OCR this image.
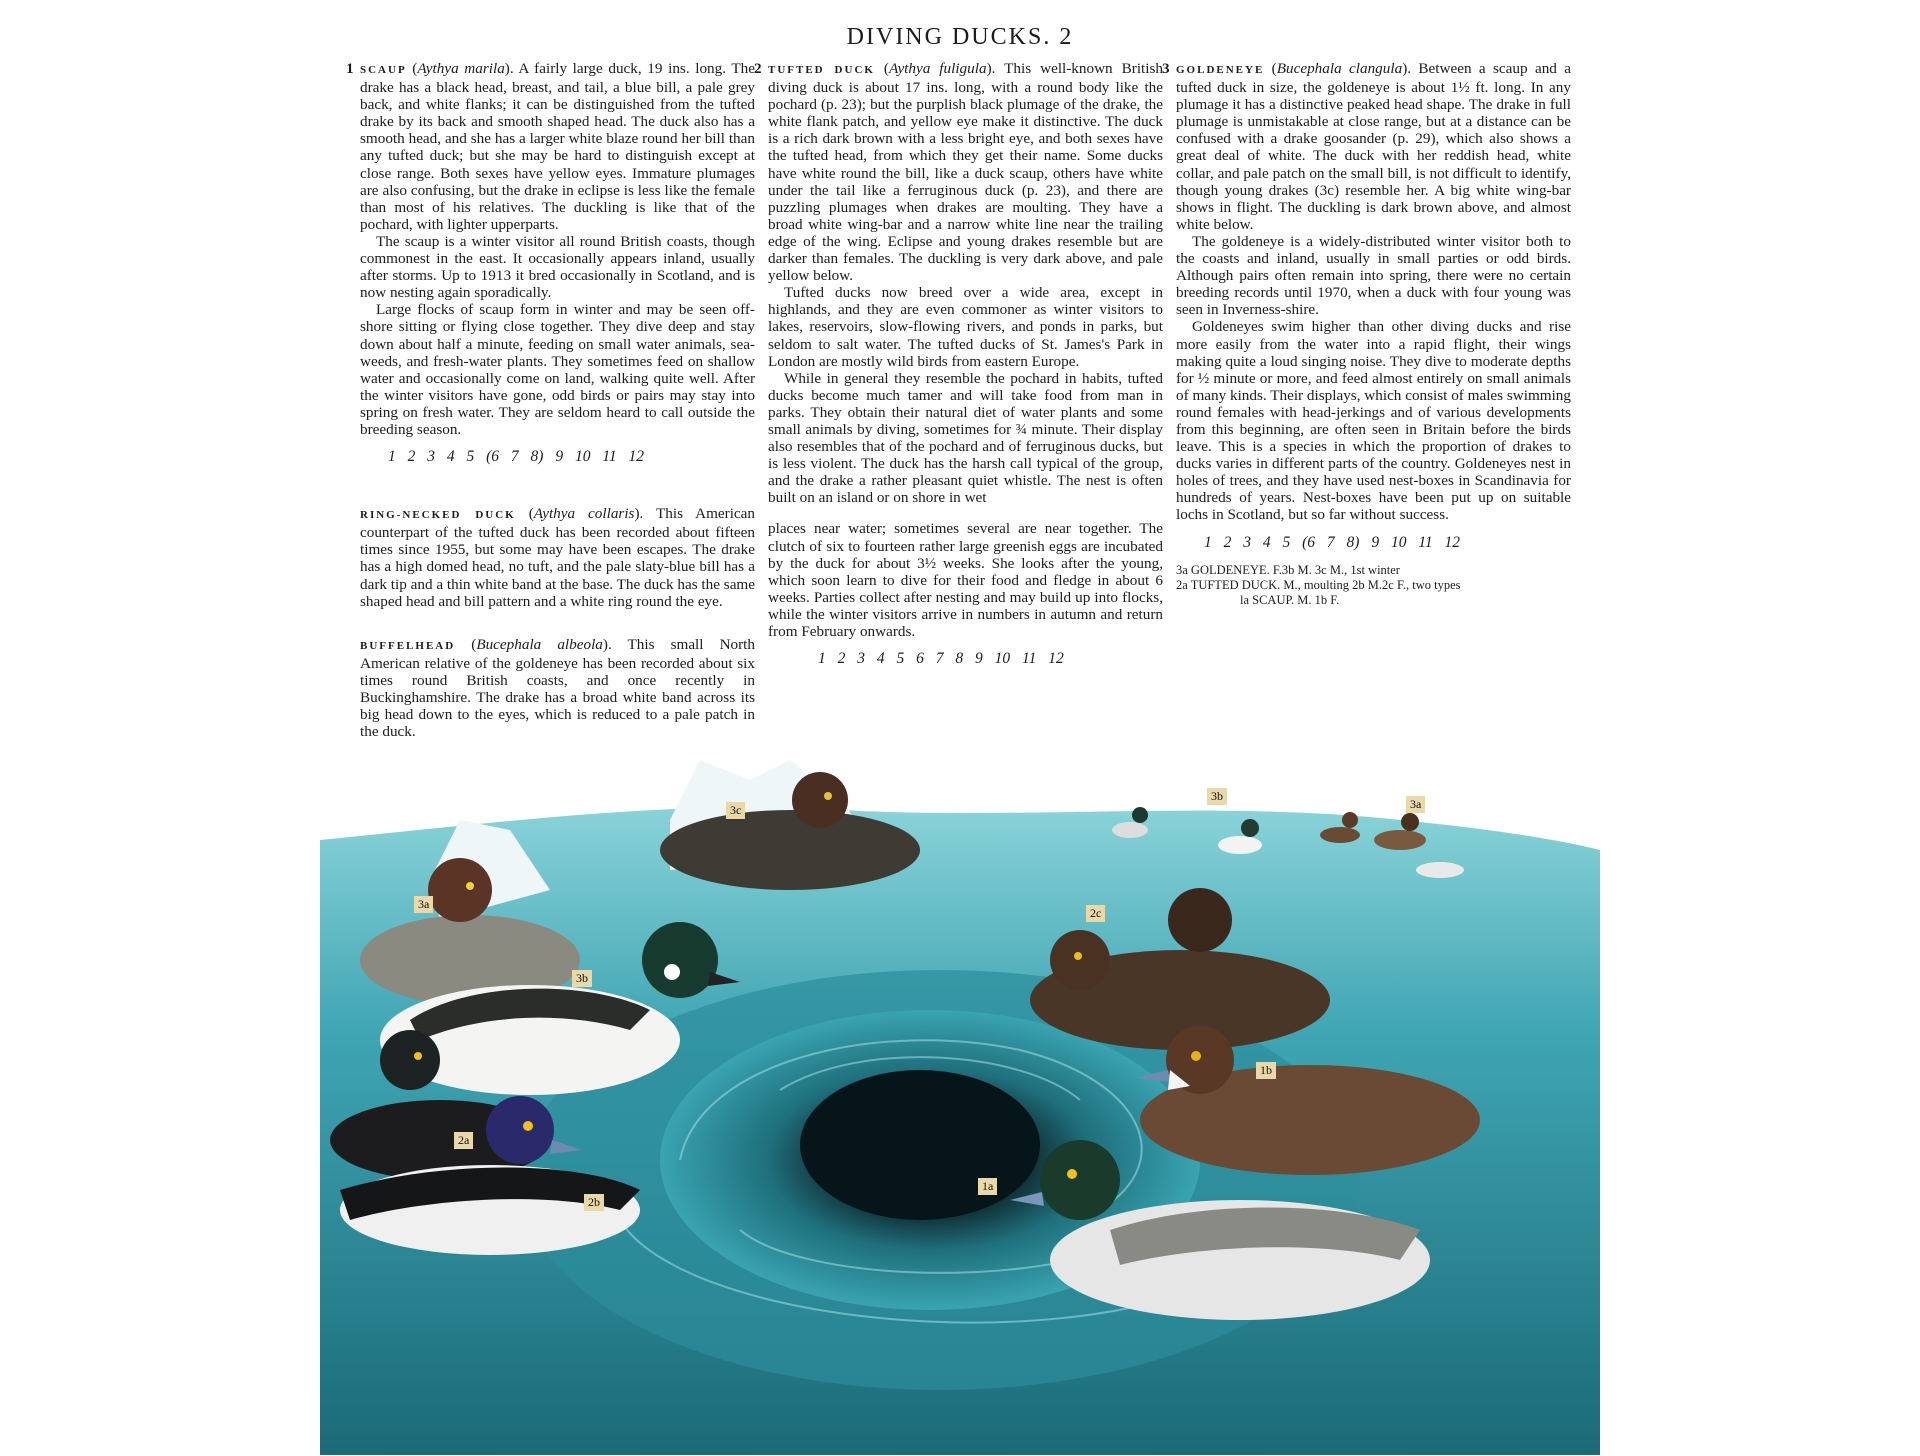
DIVING DUCKS. 2

1 SCAUP (Aythya marila). A fairly large duck, 19 ins. long. The drake has a black head, breast, and tail, a blue bill, a pale grey back, and white flanks; it can be distinguished from the tufted drake by its back and smooth shaped head. The duck also has a smooth head, and she has a larger white blaze round her bill than any tufted duck; but she may be hard to distinguish except at close range. Both sexes have yellow eyes. Immature plumages are also confusing, but the drake in eclipse is less like the female than most of his relatives. The duckling is like that of the pochard, with lighter upperparts.

The scaup is a winter visitor all round British coasts, though commonest in the east. It occasionally appears inland, usually after storms. Up to 1913 it bred occasionally in Scotland, and is now nesting again sporadically.

Large flocks of scaup form in winter and may be seen off-shore sitting or flying close together. They dive deep and stay down about half a minute, feeding on small water animals, sea-weeds, and fresh-water plants. They sometimes feed on shallow water and occasionally come on land, walking quite well. After the winter visitors have gone, odd birds or pairs may stay into spring on fresh water. They are seldom heard to call outside the breeding season.

1 2 3 4 5 (6 7 8) 9 10 11 12

RING-NECKED DUCK (Aythya collaris). This American counterpart of the tufted duck has been recorded about fifteen times since 1955, but some may have been escapes. The drake has a high domed head, no tuft, and the pale slaty-blue bill has a dark tip and a thin white band at the base. The duck has the same shaped head and bill pattern and a white ring round the eye.

BUFFELHEAD (Bucephala albeola). This small North American relative of the goldeneye has been recorded about six times round British coasts, and once recently in Buckinghamshire. The drake has a broad white band across its big head down to the eyes, which is reduced to a pale patch in the duck.

2 TUFTED DUCK (Aythya fuligula). This well-known British diving duck is about 17 ins. long, with a round body like the pochard (p. 23); but the purplish black plumage of the drake, the white flank patch, and yellow eye make it distinctive. The duck is a rich dark brown with a less bright eye, and both sexes have the tufted head, from which they get their name. Some ducks have white round the bill, like a duck scaup, others have white under the tail like a ferruginous duck (p. 23), and there are puzzling plumages when drakes are moulting. They have a broad white wing-bar and a narrow white line near the trailing edge of the wing. Eclipse and young drakes resemble but are darker than females. The duckling is very dark above, and pale yellow below.

Tufted ducks now breed over a wide area, except in highlands, and they are even commoner as winter visitors to lakes, reservoirs, slow-flowing rivers, and ponds in parks, but seldom to salt water. The tufted ducks of St. James's Park in London are mostly wild birds from eastern Europe.

While in general they resemble the pochard in habits, tufted ducks become much tamer and will take food from man in parks. They obtain their natural diet of water plants and some small animals by diving, sometimes for ¾ minute. Their display also resembles that of the pochard and of ferruginous ducks, but is less violent. The duck has the harsh call typical of the group, and the drake a rather pleasant quiet whistle. The nest is often built on an island or on shore in wet

places near water; sometimes several are near together. The clutch of six to fourteen rather large greenish eggs are incubated by the duck for about 3½ weeks. She looks after the young, which soon learn to dive for their food and fledge in about 6 weeks. Parties collect after nesting and may build up into flocks, while the winter visitors arrive in numbers in autumn and return from February onwards.

1 2 3 4 5 6 7 8 9 10 11 12

3 GOLDENEYE (Bucephala clangula). Between a scaup and a tufted duck in size, the goldeneye is about 1½ ft. long. In any plumage it has a distinctive peaked head shape. The drake in full plumage is unmistakable at close range, but at a distance can be confused with a drake goosander (p. 29), which also shows a great deal of white. The duck with her reddish head, white collar, and pale patch on the small bill, is not difficult to identify, though young drakes (3c) resemble her. A big white wing-bar shows in flight. The duckling is dark brown above, and almost white below.

The goldeneye is a widely-distributed winter visitor both to the coasts and inland, usually in small parties or odd birds. Although pairs often remain into spring, there were no certain breeding records until 1970, when a duck with four young was seen in Inverness-shire.

Goldeneyes swim higher than other diving ducks and rise more easily from the water into a rapid flight, their wings making quite a loud singing noise. They dive to moderate depths for ½ minute or more, and feed almost entirely on small animals of many kinds. Their displays, which consist of males swimming round females with head-jerkings and of various developments from this beginning, are often seen in Britain before the birds leave. This is a species in which the proportion of drakes to ducks varies in different parts of the country. Goldeneyes nest in holes of trees, and they have used nest-boxes in Scandinavia for hundreds of years. Nest-boxes have been put up on suitable lochs in Scotland, but so far without success.

1 2 3 4 5 (6 7 8) 9 10 11 12

3a GOLDENEYE. F.3b M. 3c M., 1st winter
2a TUFTED DUCK. M., moulting 2b M.2c F., two types
la SCAUP. M. 1b F.
3c
3b
3a
3a
3b
2c
1b
2a
2b
1a
